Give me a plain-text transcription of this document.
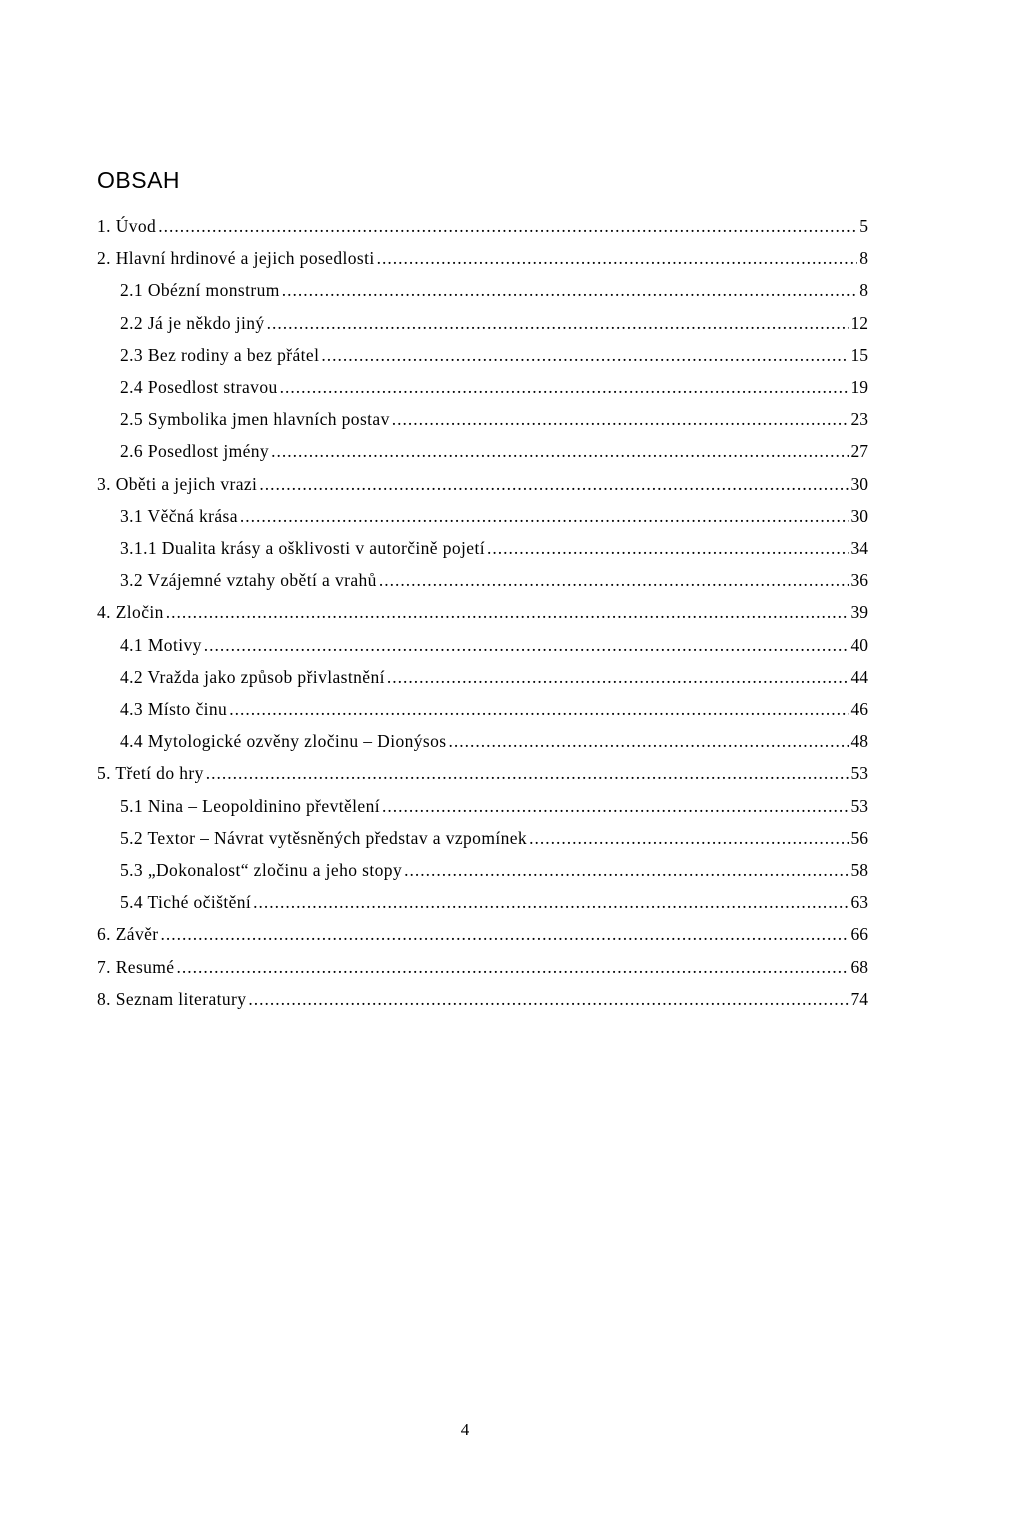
OBSAH
1. Úvod .....	5
2. Hlavní hrdinové a jejich posedlosti .....	8
2.1 Obézní monstrum .....	8
2.2 Já je někdo jiný .....	12
2.3 Bez rodiny a bez přátel .....	15
2.4 Posedlost stravou .....	19
2.5 Symbolika jmen hlavních postav .....	23
2.6 Posedlost jmény .....	27
3. Oběti a jejich vrazi .....	30
3.1 Věčná krása .....	30
3.1.1 Dualita krásy a ošklivosti v autorčině pojetí .....	34
3.2 Vzájemné vztahy obětí a vrahů .....	36
4. Zločin .....	39
4.1 Motivy .....	40
4.2 Vražda jako způsob přivlastnění .....	44
4.3 Místo činu .....	46
4.4 Mytologické ozvěny zločinu – Dionýsos .....	48
5. Třetí do hry .....	53
5.1 Nina – Leopoldinino převtělení .....	53
5.2 Textor – Návrat vytěsněných představ a vzpomínek .....	56
5.3 „Dokonalost“ zločinu a jeho stopy .....	58
5.4 Tiché očištění .....	63
6. Závěr .....	66
7. Resumé .....	68
8. Seznam literatury .....	74
4
